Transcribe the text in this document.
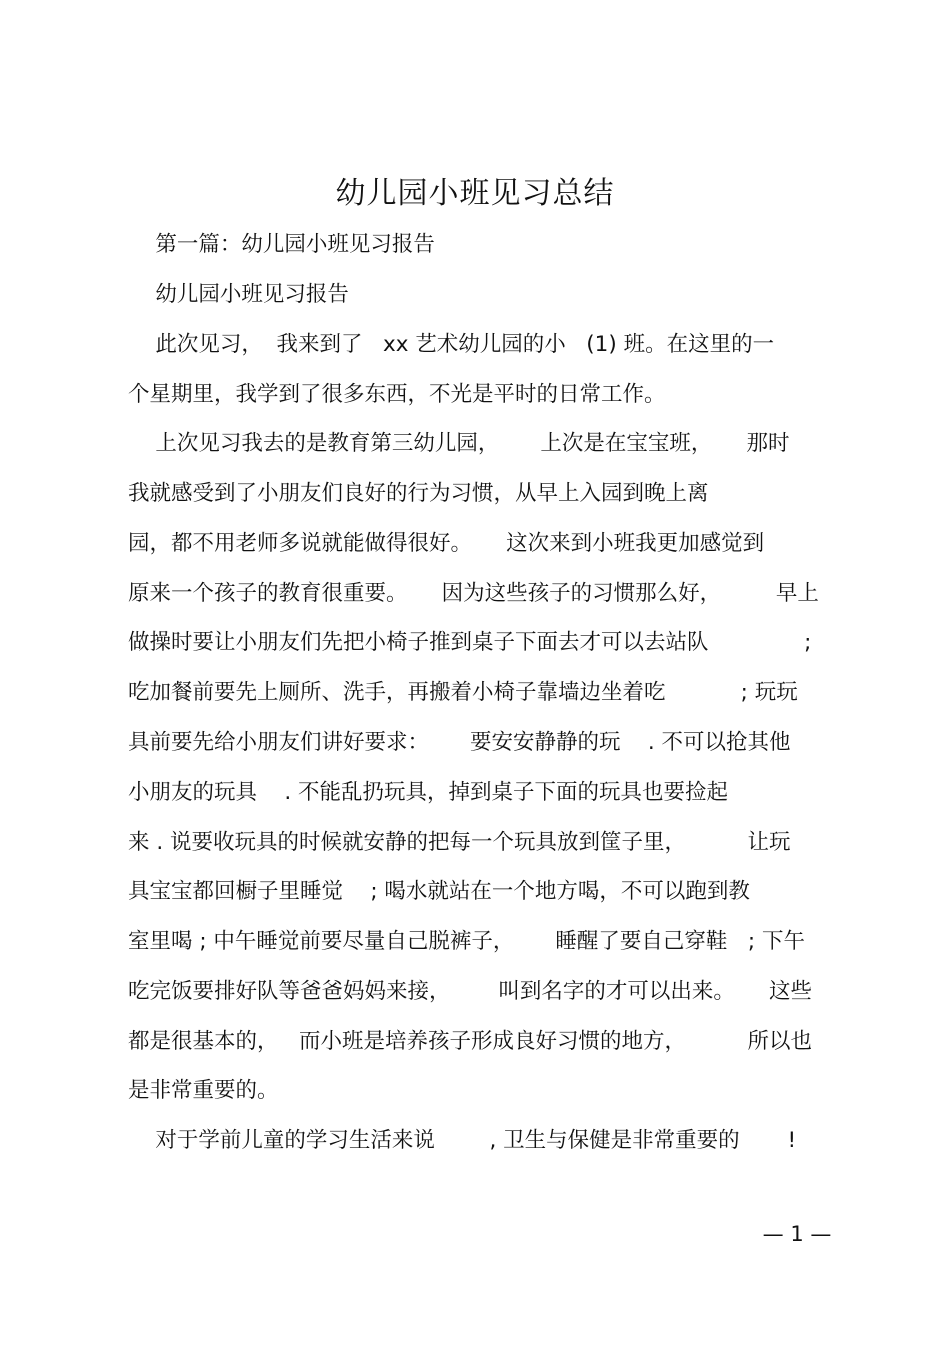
幼儿园小班见习总结
第一篇：幼儿园小班见习报告
幼儿园小班见习报告
此次见习，  我来到了   xx 艺术幼儿园的小   (1) 班。在这里的一
个星期里，我学到了很多东西，不光是平时的日常工作。
上次见习我去的是教育第三幼儿园，      上次是在宝宝班，     那时
我就感受到了小朋友们良好的行为习惯，从早上入园到晚上离
园，都不用老师多说就能做得很好。     这次来到小班我更加感觉到
原来一个孩子的教育很重要。     因为这些孩子的习惯那么好，        早上
做操时要让小朋友们先把小椅子推到桌子下面去才可以去站队              ;
吃加餐前要先上厕所、洗手，再搬着小椅子靠墙边坐着吃           ; 玩玩
具前要先给小朋友们讲好要求：      要安安静静的玩    . 不可以抢其他
小朋友的玩具    . 不能乱扔玩具，掉到桌子下面的玩具也要捡起
来 . 说要收玩具的时候就安静的把每一个玩具放到筐子里，         让玩
具宝宝都回橱子里睡觉    ; 喝水就站在一个地方喝，不可以跑到教
室里喝 ; 中午睡觉前要尽量自己脱裤子，      睡醒了要自己穿鞋   ; 下午
吃完饭要排好队等爸爸妈妈来接，       叫到名字的才可以出来。     这些
都是很基本的，   而小班是培养孩子形成良好习惯的地方，         所以也
是非常重要的。
对于学前儿童的学习生活来说        , 卫生与保健是非常重要的       !
— 1 —
